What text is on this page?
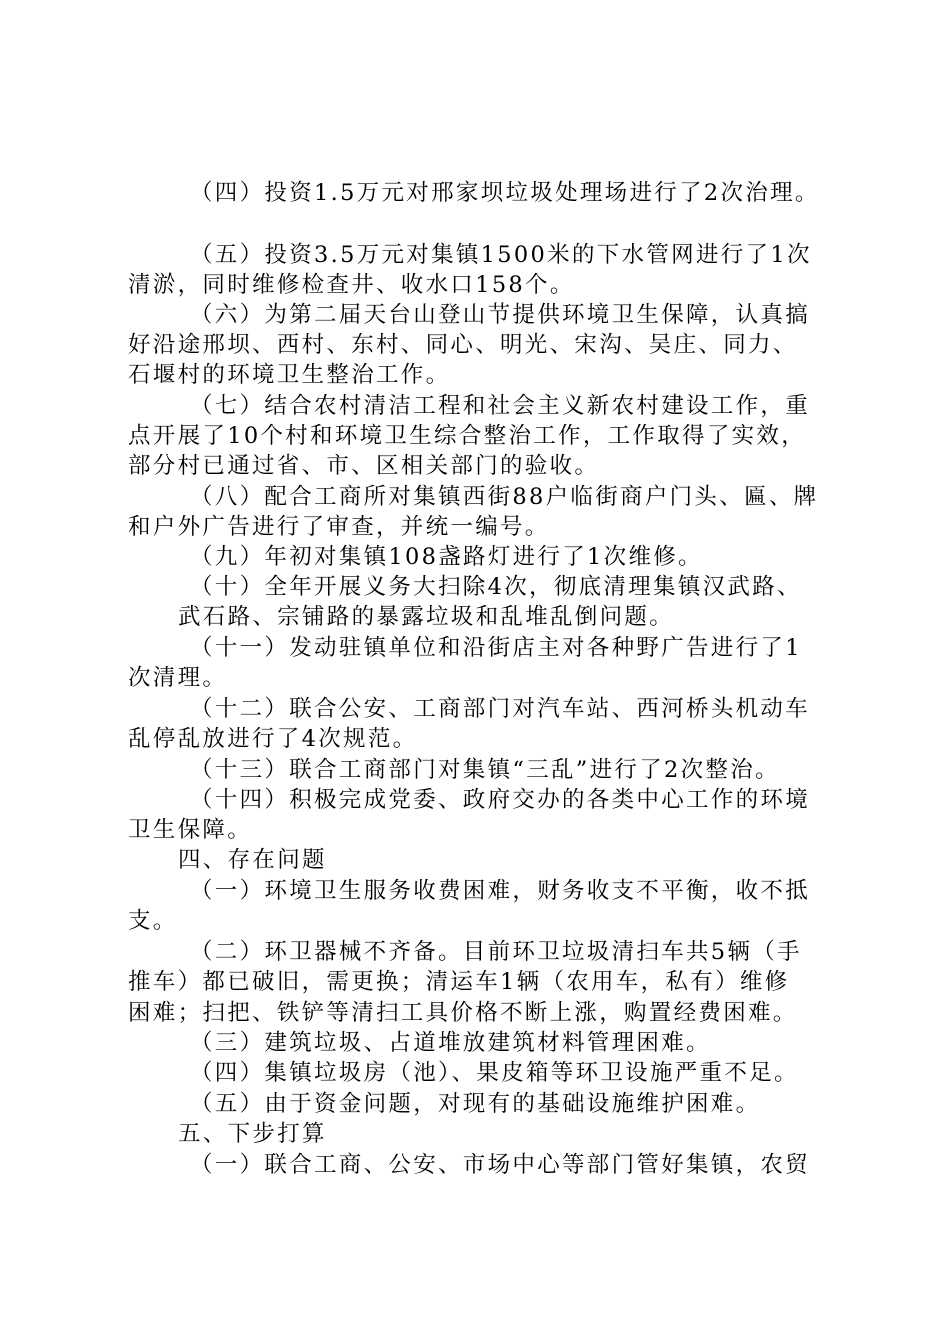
（四）投资1.5万元对邢家坝垃圾处理场进行了2次治理。
（五）投资3.5万元对集镇1500米的下水管网进行了1次
清淤，同时维修检查井、收水口158个。
（六）为第二届天台山登山节提供环境卫生保障，认真搞
好沿途邢坝、西村、东村、同心、明光、宋沟、吴庄、同力、
石堰村的环境卫生整治工作。
（七）结合农村清洁工程和社会主义新农村建设工作，重
点开展了10个村和环境卫生综合整治工作，工作取得了实效，
部分村已通过省、市、区相关部门的验收。
（八）配合工商所对集镇西街88户临街商户门头、匾、牌
和户外广告进行了审查，并统一编号。
（九）年初对集镇108盏路灯进行了1次维修。
（十）全年开展义务大扫除4次，彻底清理集镇汉武路、
武石路、宗铺路的暴露垃圾和乱堆乱倒问题。
（十一）发动驻镇单位和沿街店主对各种野广告进行了1
次清理。
（十二）联合公安、工商部门对汽车站、西河桥头机动车
乱停乱放进行了4次规范。
（十三）联合工商部门对集镇“三乱”进行了2次整治。
（十四）积极完成党委、政府交办的各类中心工作的环境
卫生保障。
四、存在问题
（一）环境卫生服务收费困难，财务收支不平衡，收不抵
支。
（二）环卫器械不齐备。目前环卫垃圾清扫车共5辆（手
推车）都已破旧，需更换；清运车1辆（农用车，私有）维修
困难；扫把、铁铲等清扫工具价格不断上涨，购置经费困难。
（三）建筑垃圾、占道堆放建筑材料管理困难。
（四）集镇垃圾房（池）、果皮箱等环卫设施严重不足。
（五）由于资金问题，对现有的基础设施维护困难。
五、下步打算
（一）联合工商、公安、市场中心等部门管好集镇，农贸
